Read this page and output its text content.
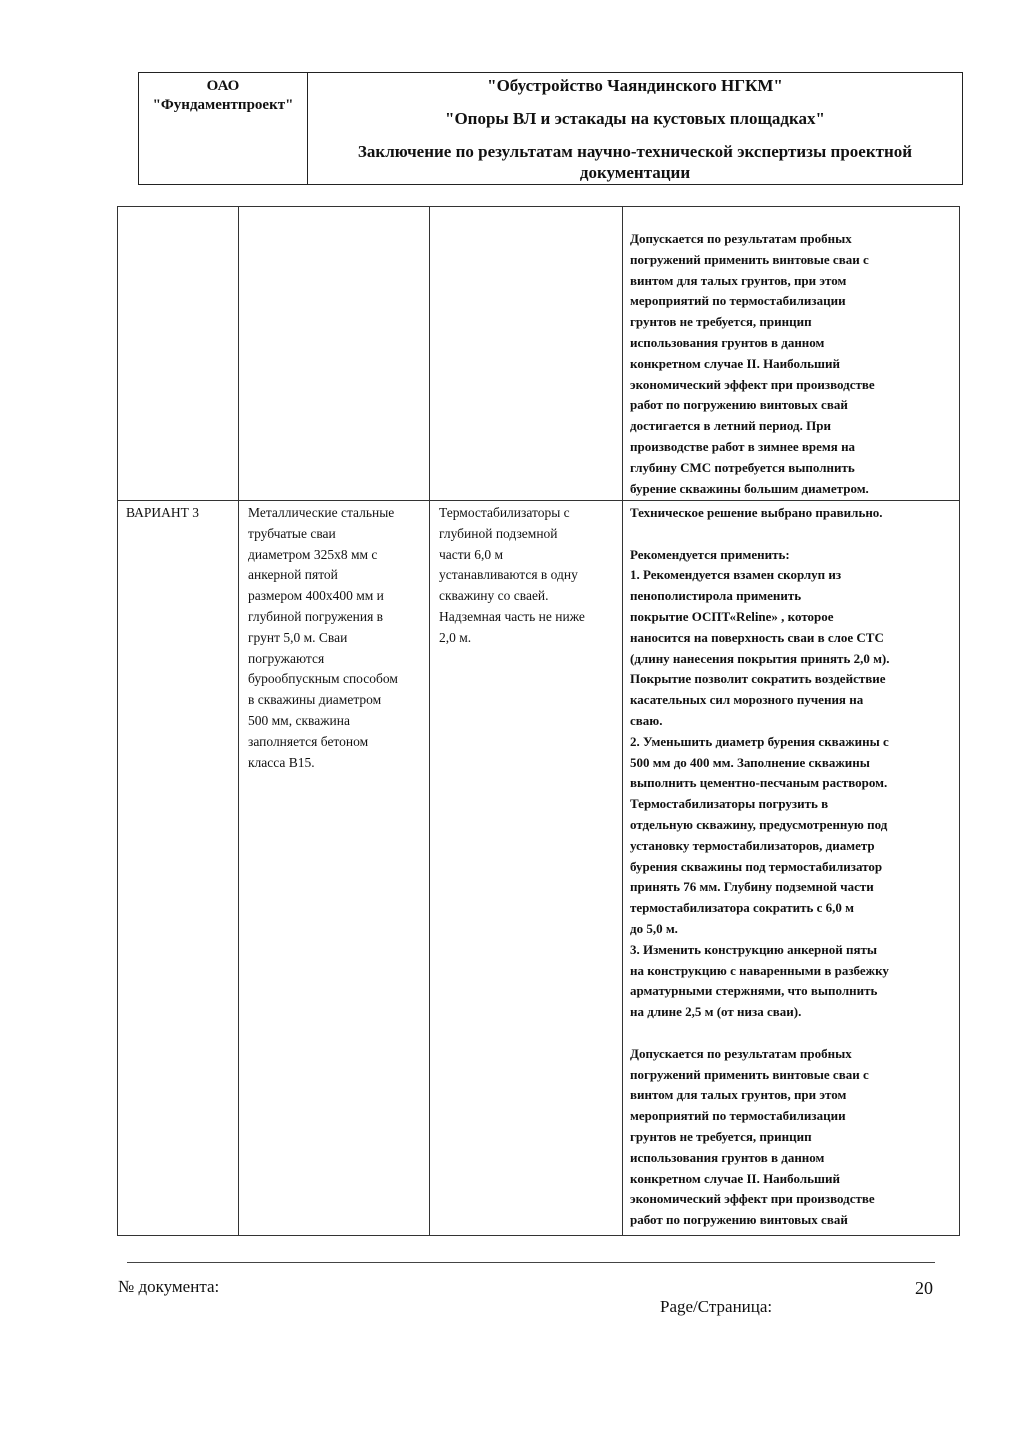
ОАО
"Фундаментпроект"
"Обустройство Чаяндинского НГКМ"
"Опоры ВЛ и эстакады на кустовых площадках"
Заключение по результатам научно-технической экспертизы проектной документации

Допускается по результатам пробных

погружений применить винтовые сваи с

винтом для талых грунтов, при этом

мероприятий по термостабилизации

грунтов не требуется, принцип

использования грунтов в данном

конкретном случае II. Наибольший

экономический эффект при производстве

работ по погружению винтовых свай

достигается в летний период. При

производстве работ в зимнее время на

глубину СМС потребуется выполнить

бурение скважины большим диаметром.

ВАРИАНТ 3	Металлические стальные

трубчатые сваи

диаметром 325х8 мм с

анкерной пятой

размером 400х400 мм и

глубиной погружения в

грунт 5,0 м. Сваи

погружаются

бурообпускным способом

в скважины диаметром

500 мм, скважина

заполняется бетоном

класса В15.

Термостабилизаторы с

глубиной подземной

части 6,0 м

устанавливаются в одну

скважину со сваей.

Надземная часть не ниже

2,0 м.

Техническое решение выбрано правильно.

Рекомендуется применить:

1. Рекомендуется взамен скорлуп из

пенополистирола применить

покрытие ОСПТ«Reline» , которое

наносится на поверхность сваи в слое СТС

(длину нанесения покрытия принять 2,0 м).

Покрытие позволит сократить воздействие

касательных сил морозного пучения на

сваю.

2. Уменьшить диаметр бурения скважины с

500 мм до 400 мм. Заполнение скважины

выполнить цементно-песчаным раствором.

Термостабилизаторы погрузить в

отдельную скважину, предусмотренную под

установку термостабилизаторов, диаметр

бурения скважины под термостабилизатор

принять 76 мм. Глубину подземной части

термостабилизатора сократить с 6,0 м

до 5,0 м.

3. Изменить конструкцию анкерной пяты

на конструкцию с наваренными в разбежку

арматурными стержнями, что выполнить

на длине 2,5 м (от низа сваи).

Допускается по результатам пробных

погружений применить винтовые сваи с

винтом для талых грунтов, при этом

мероприятий по термостабилизации

грунтов не требуется, принцип

использования грунтов в данном

конкретном случае II. Наибольший

экономический эффект при производстве

работ по погружению винтовых свай

№ документа:	20
Page/Страница:
